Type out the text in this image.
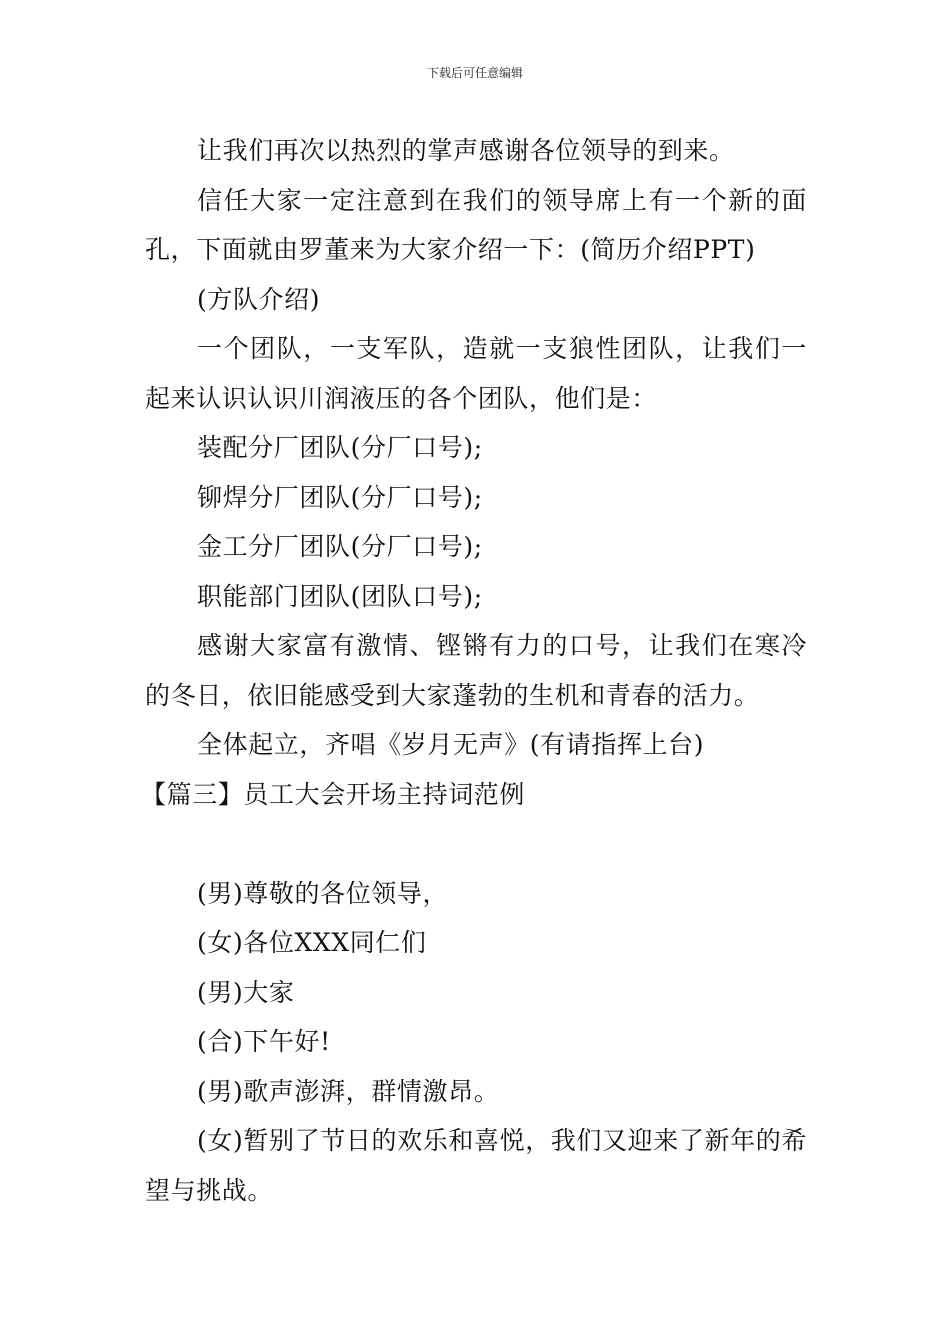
下载后可任意编辑

让我们再次以热烈的掌声感谢各位领导的到来。

信任大家一定注意到在我们的领导席上有一个新的面孔，下面就由罗董来为大家介绍一下：(简历介绍PPT)

(方队介绍)

一个团队，一支军队，造就一支狼性团队，让我们一起来认识认识川润液压的各个团队，他们是：

装配分厂团队(分厂口号);

铆焊分厂团队(分厂口号);

金工分厂团队(分厂口号);

职能部门团队(团队口号);

感谢大家富有激情、铿锵有力的口号，让我们在寒冷的冬日，依旧能感受到大家蓬勃的生机和青春的活力。

全体起立，齐唱《岁月无声》(有请指挥上台)

【篇三】员工大会开场主持词范例

(男)尊敬的各位领导，

(女)各位XXX同仁们

(男)大家

(合)下午好!

(男)歌声澎湃，群情激昂。

(女)暂别了节日的欢乐和喜悦，我们又迎来了新年的希望与挑战。
